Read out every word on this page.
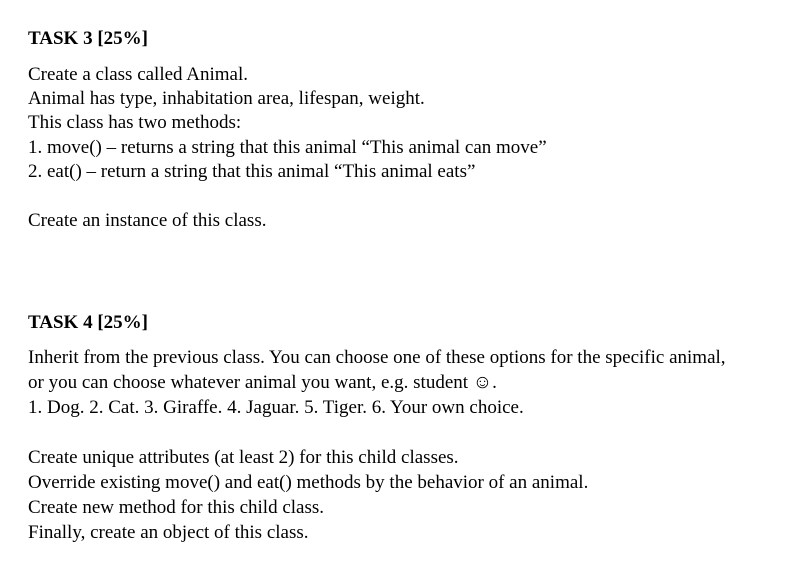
TASK 3 [25%]

Create a class called Animal.

Animal has type, inhabitation area, lifespan, weight.

This class has two methods:

1. move() – returns a string that this animal “This animal can move”

2. eat() – return a string that this animal “This animal eats”

Create an instance of this class.

TASK 4 [25%]

Inherit from the previous class. You can choose one of these options for the specific animal,

or you can choose whatever animal you want, e.g. student ☺.

1. Dog. 2. Cat. 3. Giraffe. 4. Jaguar. 5. Tiger. 6. Your own choice.

Create unique attributes (at least 2) for this child classes.

Override existing move() and eat() methods by the behavior of an animal.

Create new method for this child class.

Finally, create an object of this class.
